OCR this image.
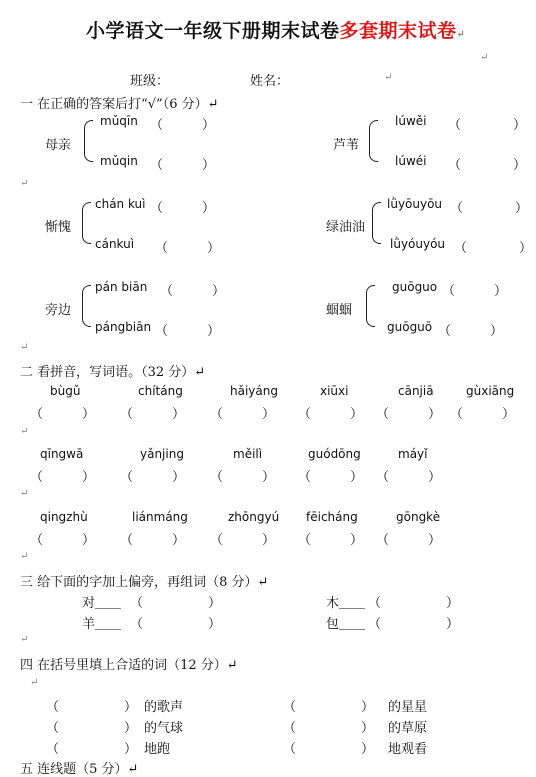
小学语文一年级下册期末试卷多套期末试卷↵
班级：	姓名：	↵
↵
一 在正确的答案后打“√”（6 分）↵
母亲
mǔqīn （　　　）
mǔqin （　　　）
芦苇
lúwěi （　　　　）
lúwéi （　　　　）
↵
惭愧
chán kuì （　　　）
cánkuì （　　　）
绿油油
lǜyōuyōu （　　　　）
lǜyóuyóu （　　　　）
旁边
pán biān （　　　）
pángbiān （　　　）
蝈蝈
guōguo （　　　）
guōguō （　　　）
↵
二 看拼音，写词语。（32 分）↵
bùgǔ	chítáng	hǎiyáng	xiūxi	cānjiā	gùxiāng
（　　　） （　　　） （　　　） （　　　） （　　　） （　　　）
↵
qīngwā	yǎnjing	měilì	guódōng	máyǐ
（　　　） （　　　） （　　　） （　　　） （　　　）
↵
qingzhù	liánmáng	zhōngyú fēicháng	gōngkè
（　　　） （　　　） （　　　） （　　　） （　　　）
↵
三 给下面的字加上偏旁，再组词（8 分）↵
对＿＿ （　　　　　）	木＿＿ （　　　　　）
羊＿＿ （　　　　　）	包＿＿ （　　　　　）
↵
四 在括号里填上合适的词（12 分）↵
↵
（　　　　　） 的歌声	（　　　　　） 的星星
（　　　　　） 的气球	（　　　　　） 的草原
（　　　　　） 地跑	（　　　　　） 地观看
五 连线题（5 分）↵
